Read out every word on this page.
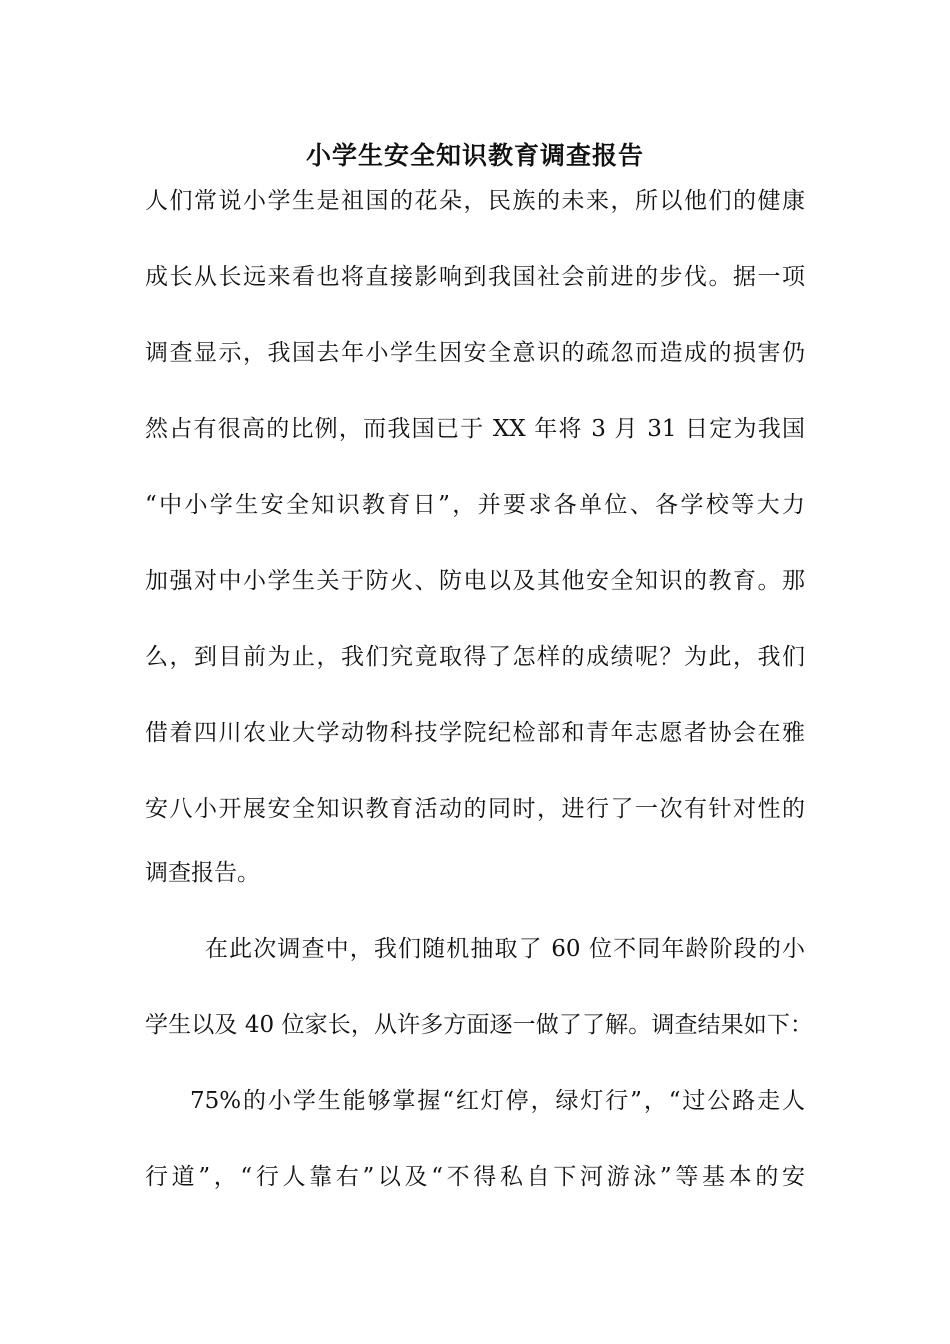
小学生安全知识教育调查报告

人们常说小学生是祖国的花朵，民族的未来，所以他们的健康

成长从长远来看也将直接影响到我国社会前进的步伐。据一项

调查显示，我国去年小学生因安全意识的疏忽而造成的损害仍

然占有很高的比例，而我国已于 XX 年将 3 月 31 日定为我国

“中小学生安全知识教育日”，并要求各单位、各学校等大力

加强对中小学生关于防火、防电以及其他安全知识的教育。那

么，到目前为止，我们究竟取得了怎样的成绩呢？为此，我们

借着四川农业大学动物科技学院纪检部和青年志愿者协会在雅

安八小开展安全知识教育活动的同时，进行了一次有针对性的

调查报告。

在此次调查中，我们随机抽取了 60 位不同年龄阶段的小

学生以及 40 位家长，从许多方面逐一做了了解。调查结果如下：

75%的小学生能够掌握“红灯停，绿灯行”，“过公路走人

行道”，“行人靠右”以及“不得私自下河游泳”等基本的安
